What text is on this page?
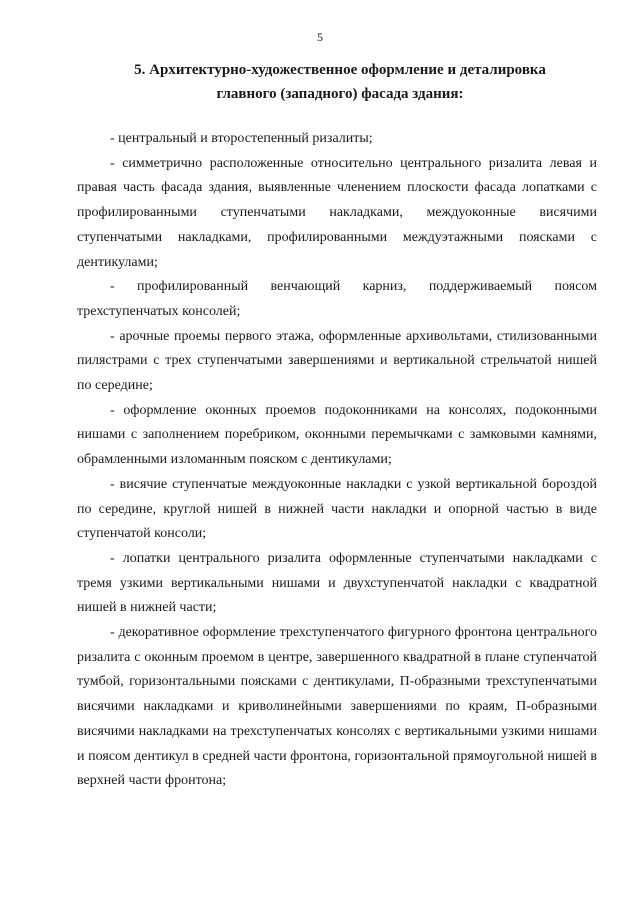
5
5. Архитектурно-художественное оформление и деталировка
главного (западного) фасада здания:

- центральный и второстепенный ризалиты;

- симметрично расположенные относительно центрального ризалита левая и правая часть фасада здания, выявленные членением плоскости фасада лопатками с профилированными ступенчатыми накладками, междуоконные висячими ступенчатыми накладками, профилированными междуэтажными поясками с дентикулами;

- профилированный венчающий карниз, поддерживаемый поясом трехступенчатых консолей;

- арочные проемы первого этажа, оформленные архивольтами, стилизованными пилястрами с трех ступенчатыми завершениями и вертикальной стрельчатой нишей по середине;

- оформление оконных проемов подоконниками на консолях, подоконными нишами с заполнением поребриком, оконными перемычками с замковыми камнями, обрамленными изломанным пояском с дентикулами;

- висячие ступенчатые междуоконные накладки с узкой вертикальной бороздой по середине, круглой нишей в нижней части накладки и опорной частью в виде ступенчатой консоли;

- лопатки центрального ризалита оформленные ступенчатыми накладками с тремя узкими вертикальными нишами и двухступенчатой накладки с квадратной нишей в нижней части;

- декоративное оформление трехступенчатого фигурного фронтона центрального ризалита с оконным проемом в центре, завершенного квадратной в плане ступенчатой тумбой, горизонтальными поясками с дентикулами, П-образными трехступенчатыми висячими накладками и криволинейными завершениями по краям, П-образными висячими накладками на трехступенчатых консолях с вертикальными узкими нишами и поясом дентикул в средней части фронтона, горизонтальной прямоугольной нишей в верхней части фронтона;
